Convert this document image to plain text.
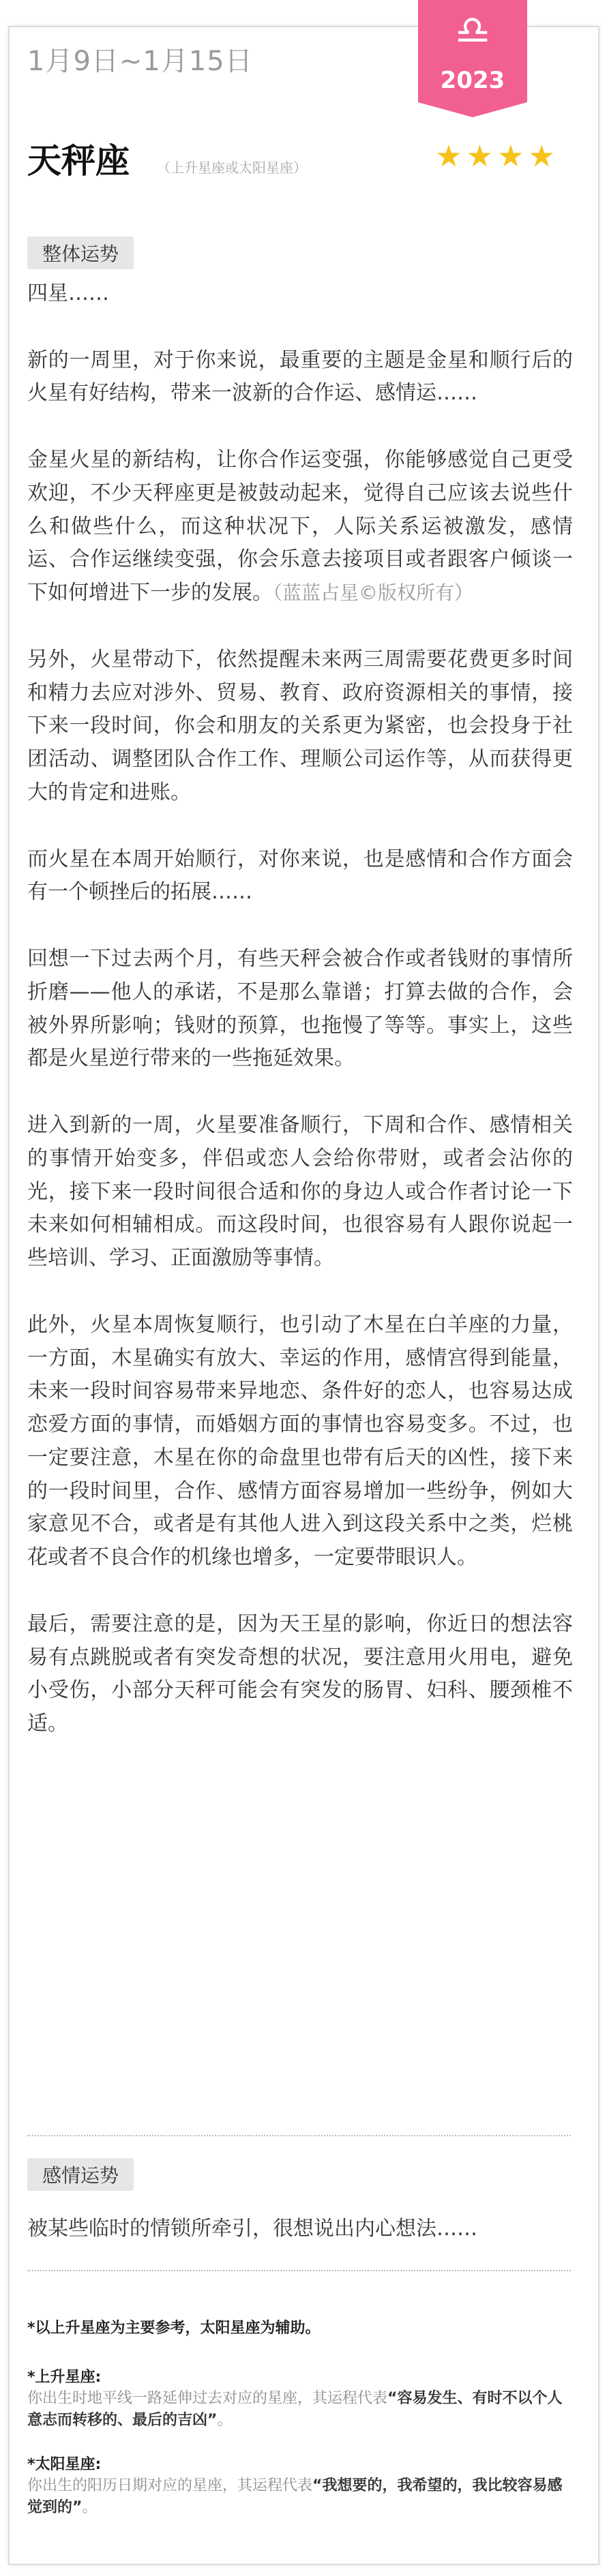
♎
2023
1月9日~1月15日
天秤座 （上升星座或太阳星座）	★★★★
整体运势

四星……

新的一周里，对于你来说，最重要的主题是金星和顺行后的火星有好结构，带来一波新的合作运、感情运……

金星火星的新结构，让你合作运变强，你能够感觉自己更受欢迎，不少天秤座更是被鼓动起来，觉得自己应该去说些什么和做些什么，而这种状况下，人际关系运被激发，感情运、合作运继续变强，你会乐意去接项目或者跟客户倾谈一下如何增进下一步的发展。（蓝蓝占星©版权所有）

另外，火星带动下，依然提醒未来两三周需要花费更多时间和精力去应对涉外、贸易、教育、政府资源相关的事情，接下来一段时间，你会和朋友的关系更为紧密，也会投身于社团活动、调整团队合作工作、理顺公司运作等，从而获得更大的肯定和进账。

而火星在本周开始顺行，对你来说，也是感情和合作方面会有一个顿挫后的拓展……

回想一下过去两个月，有些天秤会被合作或者钱财的事情所折磨——他人的承诺，不是那么靠谱；打算去做的合作，会被外界所影响；钱财的预算，也拖慢了等等。事实上，这些都是火星逆行带来的一些拖延效果。

进入到新的一周，火星要准备顺行，下周和合作、感情相关的事情开始变多，伴侣或恋人会给你带财，或者会沾你的光，接下来一段时间很合适和你的身边人或合作者讨论一下未来如何相辅相成。而这段时间，也很容易有人跟你说起一些培训、学习、正面激励等事情。

此外，火星本周恢复顺行，也引动了木星在白羊座的力量，一方面，木星确实有放大、幸运的作用，感情宫得到能量，未来一段时间容易带来异地恋、条件好的恋人，也容易达成恋爱方面的事情，而婚姻方面的事情也容易变多。不过，也一定要注意，木星在你的命盘里也带有后天的凶性，接下来的一段时间里，合作、感情方面容易增加一些纷争，例如大家意见不合，或者是有其他人进入到这段关系中之类，烂桃花或者不良合作的机缘也增多，一定要带眼识人。

最后，需要注意的是，因为天王星的影响，你近日的想法容易有点跳脱或者有突发奇想的状况，要注意用火用电，避免小受伤，小部分天秤可能会有突发的肠胃、妇科、腰颈椎不适。

感情运势
被某些临时的情锁所牵引，很想说出内心想法……

*以上升星座为主要参考，太阳星座为辅助。

*上升星座:

你出生时地平线一路延伸过去对应的星座，其运程代表“容易发生、有时不以个人意志而转移的、最后的吉凶”。

*太阳星座:

你出生的阳历日期对应的星座，其运程代表“我想要的，我希望的，我比较容易感觉到的”。
